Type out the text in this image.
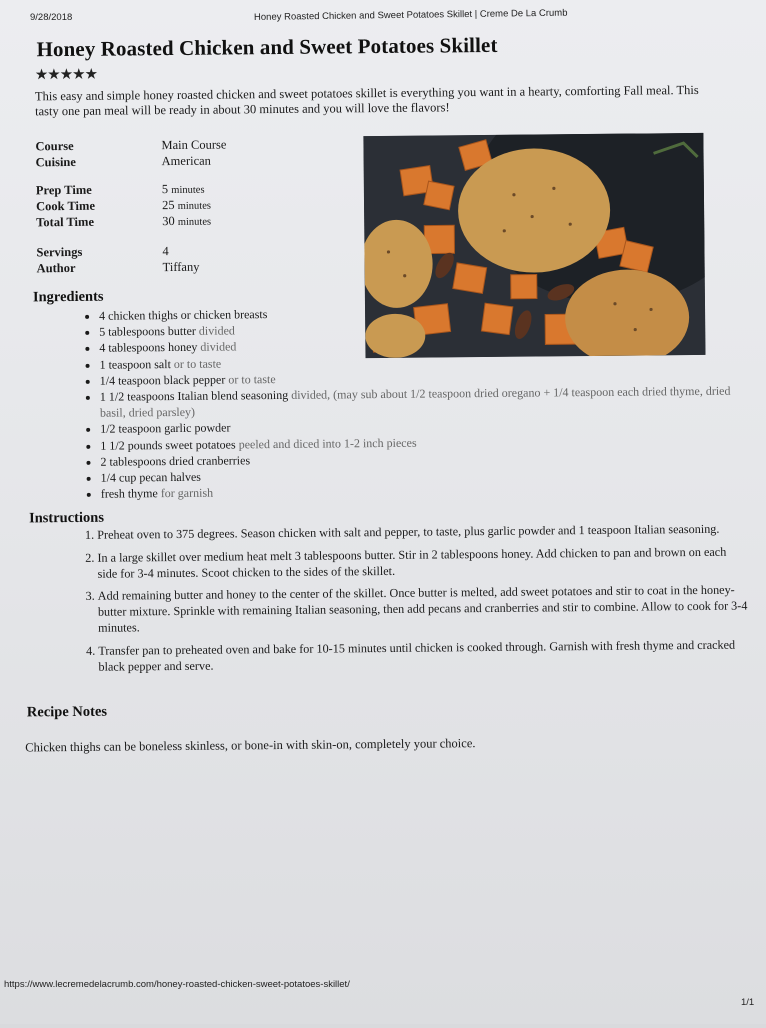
9/28/2018	Honey Roasted Chicken and Sweet Potatoes Skillet | Creme De La Crumb
Honey Roasted Chicken and Sweet Potatoes Skillet
★★★★★

This easy and simple honey roasted chicken and sweet potatoes skillet is everything you want in a hearty, comforting Fall meal. This tasty one pan meal will be ready in about 30 minutes and you will love the flavors!

Course	Main Course
Cuisine	American
Prep Time	5 minutes
Cook Time	25 minutes
Total Time	30 minutes
Servings	4
Author	Tiffany
Ingredients
• 4 chicken thighs or chicken breasts
• 5 tablespoons butter divided
• 4 tablespoons honey divided
• 1 teaspoon salt or to taste
• 1/4 teaspoon black pepper or to taste
• 1 1/2 teaspoons Italian blend seasoning divided, (may sub about 1/2 teaspoon dried oregano + 1/4 teaspoon each dried thyme, dried basil, dried parsley)
• 1/2 teaspoon garlic powder
• 1 1/2 pounds sweet potatoes peeled and diced into 1-2 inch pieces
• 2 tablespoons dried cranberries
• 1/4 cup pecan halves
• fresh thyme for garnish
Instructions
1. Preheat oven to 375 degrees. Season chicken with salt and pepper, to taste, plus garlic powder and 1 teaspoon Italian seasoning.
2. In a large skillet over medium heat melt 3 tablespoons butter. Stir in 2 tablespoons honey. Add chicken to pan and brown on each side for 3-4 minutes. Scoot chicken to the sides of the skillet.
3. Add remaining butter and honey to the center of the skillet. Once butter is melted, add sweet potatoes and stir to coat in the honey-butter mixture. Sprinkle with remaining Italian seasoning, then add pecans and cranberries and stir to combine. Allow to cook for 3-4 minutes.
4. Transfer pan to preheated oven and bake for 10-15 minutes until chicken is cooked through. Garnish with fresh thyme and cracked black pepper and serve.
Recipe Notes
Chicken thighs can be boneless skinless, or bone-in with skin-on, completely your choice.
https://www.lecremedelacrumb.com/honey-roasted-chicken-sweet-potatoes-skillet/
1/1
